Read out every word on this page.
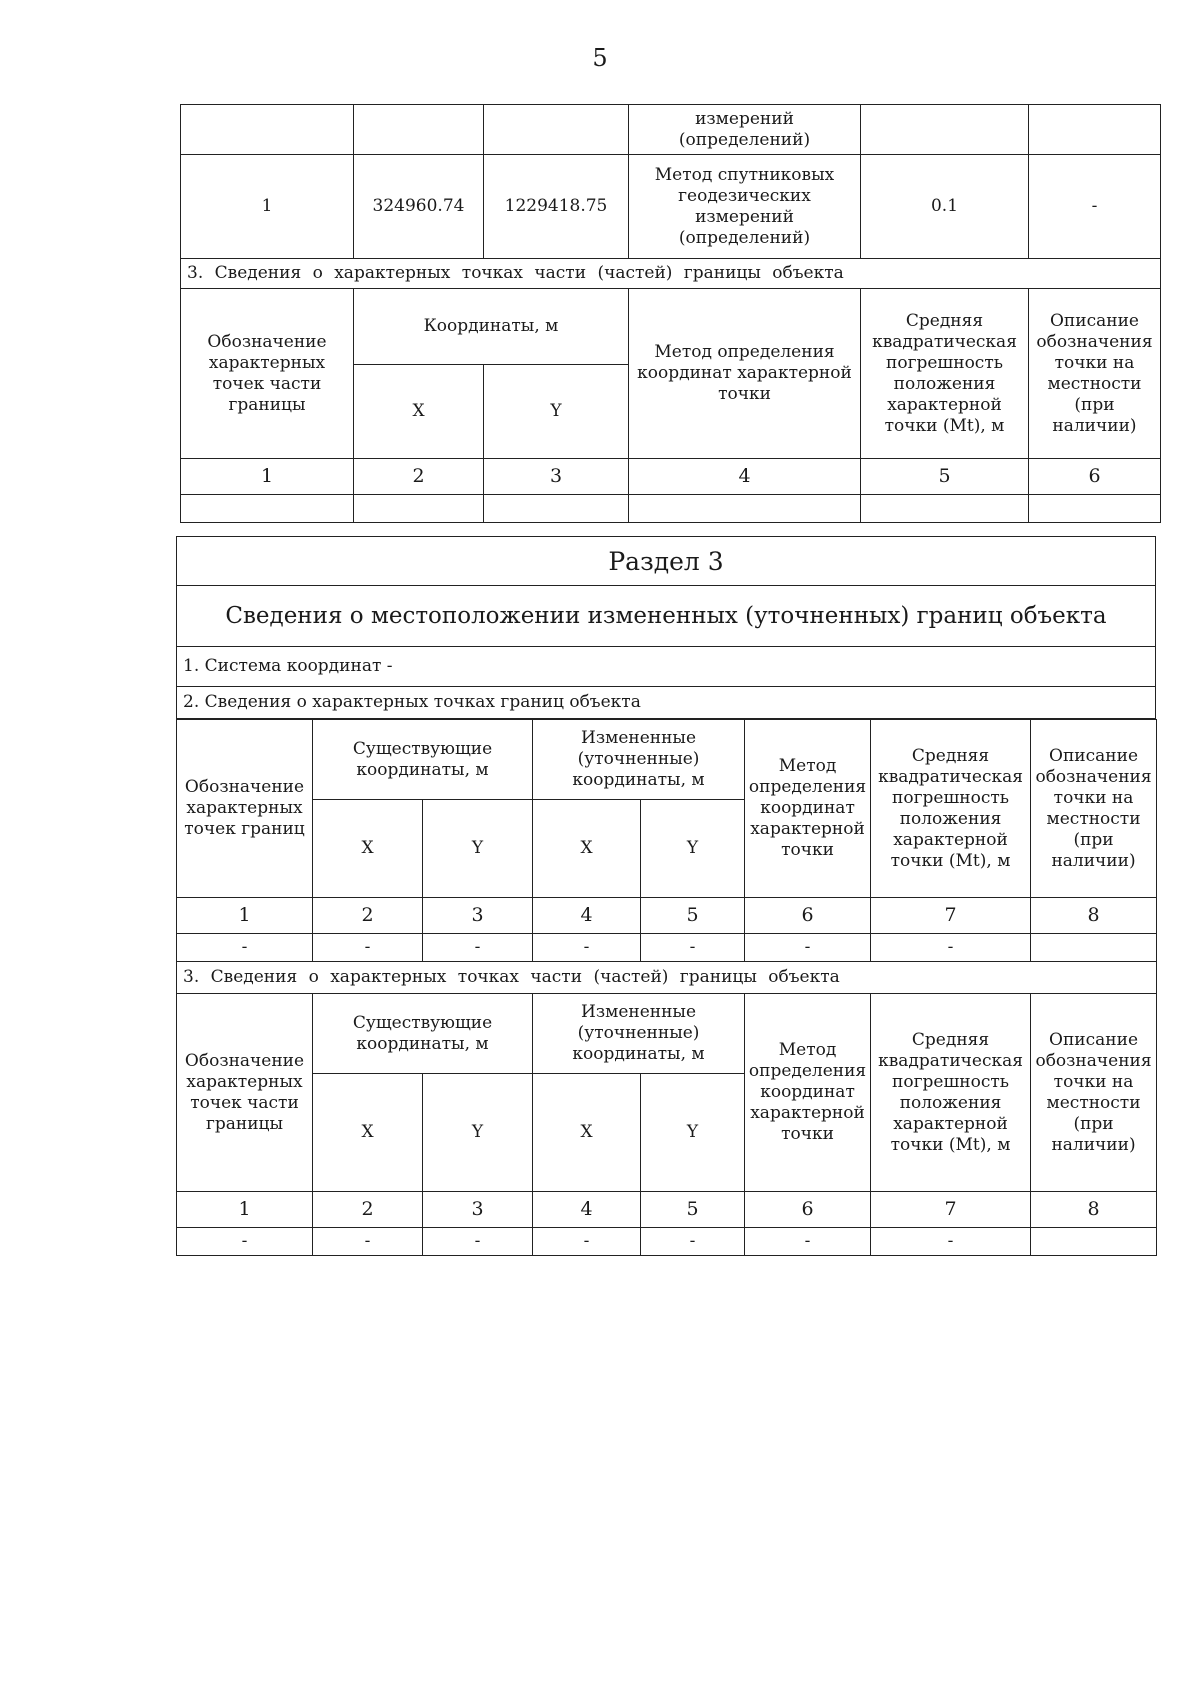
5
			измерений (определений)		
1	324960.74	1229418.75	Метод спутниковых геодезических измерений (определений)	0.1	-
3. Сведения о характерных точках части (частей) границы объекта					
Обозначение характерных точек части границы	Координаты, м		Метод определения координат характерной точки	Средняя квадратическая погрешность положения характерной точки (Mt), м	Описание обозначения точки на местности (при наличии)
	X	Y			
1	2	3	4	5	6

Раздел 3
Сведения о местоположении измененных (уточненных) границ объекта
1. Система координат -
2. Сведения о характерных точках границ объекта
Обозначение характерных точек границ	Существующие координаты, м		Измененные (уточненные) координаты, м		Метод определения координат характерной точки	Средняя квадратическая погрешность положения характерной точки (Mt), м	Описание обозначения точки на местности (при наличии)
	X	Y	X	Y			
1	2	3	4	5	6	7	8
-	-	-	-	-	-	-	
3. Сведения о характерных точках части (частей) границы объекта							
Обозначение характерных точек части границы	Существующие координаты, м		Измененные (уточненные) координаты, м		Метод определения координат характерной точки	Средняя квадратическая погрешность положения характерной точки (Mt), м	Описание обозначения точки на местности (при наличии)
	X	Y	X	Y			
1	2	3	4	5	6	7	8
-	-	-	-	-	-	-	
